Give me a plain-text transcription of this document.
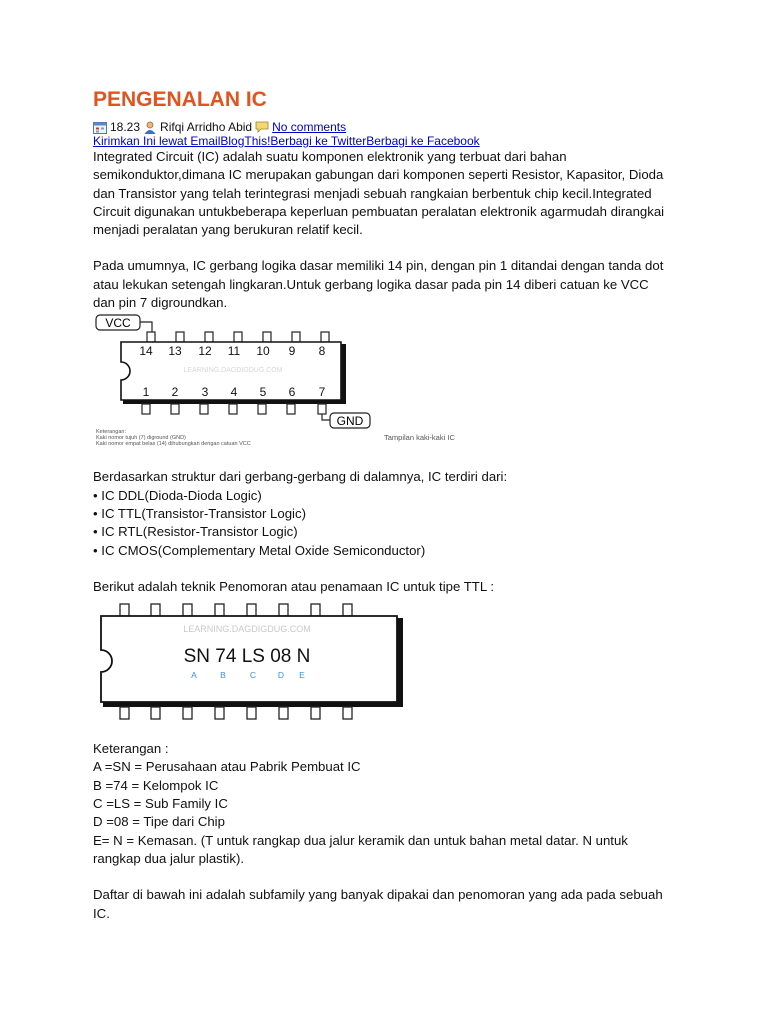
PENGENALAN IC
18.23 Rifqi Arridho Abid No comments
Kirimkan Ini lewat EmailBlogThis!Berbagi ke TwitterBerbagi ke Facebook

Integrated Circuit (IC) adalah suatu komponen elektronik yang terbuat dari bahan semikonduktor,dimana IC merupakan gabungan dari komponen seperti Resistor, Kapasitor, Dioda dan Transistor yang telah terintegrasi menjadi sebuah rangkaian berbentuk chip kecil.Integrated Circuit digunakan untukbeberapa keperluan pembuatan peralatan elektronik agarmudah dirangkai menjadi peralatan yang berukuran relatif kecil.

Pada umumnya, IC gerbang logika dasar memiliki 14 pin, dengan pin 1 ditandai dengan tanda dot atau lekukan setengah lingkaran.Untuk gerbang logika dasar pada pin 14 diberi catuan ke VCC dan pin 7 digroundkan.

VCC
GND
14 13 12 11 10 9 8
1 2 3 4 5 6 7
LEARNING.DAGDIGDUG.COM
Keterangan:
Kaki nomor tujuh (7) diground (GND)
Kaki nomor empat belas (14) dihubungkan dengan catuan VCC
Tampilan kaki-kaki IC

Berdasarkan struktur dari gerbang-gerbang di dalamnya, IC terdiri dari:

• IC DDL(Dioda-Dioda Logic)
• IC TTL(Transistor-Transistor Logic)
• IC RTL(Resistor-Transistor Logic)
• IC CMOS(Complementary Metal Oxide Semiconductor)

Berikut adalah teknik Penomoran atau penamaan IC untuk tipe TTL :

LEARNING.DAGDIGDUG.COM
SN 74 LS 08 N
A	B	C	D E

Keterangan :

A =SN = Perusahaan atau Pabrik Pembuat IC

B =74 = Kelompok IC

C =LS = Sub Family IC

D =08 = Tipe dari Chip

E= N = Kemasan. (T untuk rangkap dua jalur keramik dan untuk bahan metal datar. N untuk rangkap dua jalur plastik).

Daftar di bawah ini adalah subfamily yang banyak dipakai dan penomoran yang ada pada sebuah IC.
